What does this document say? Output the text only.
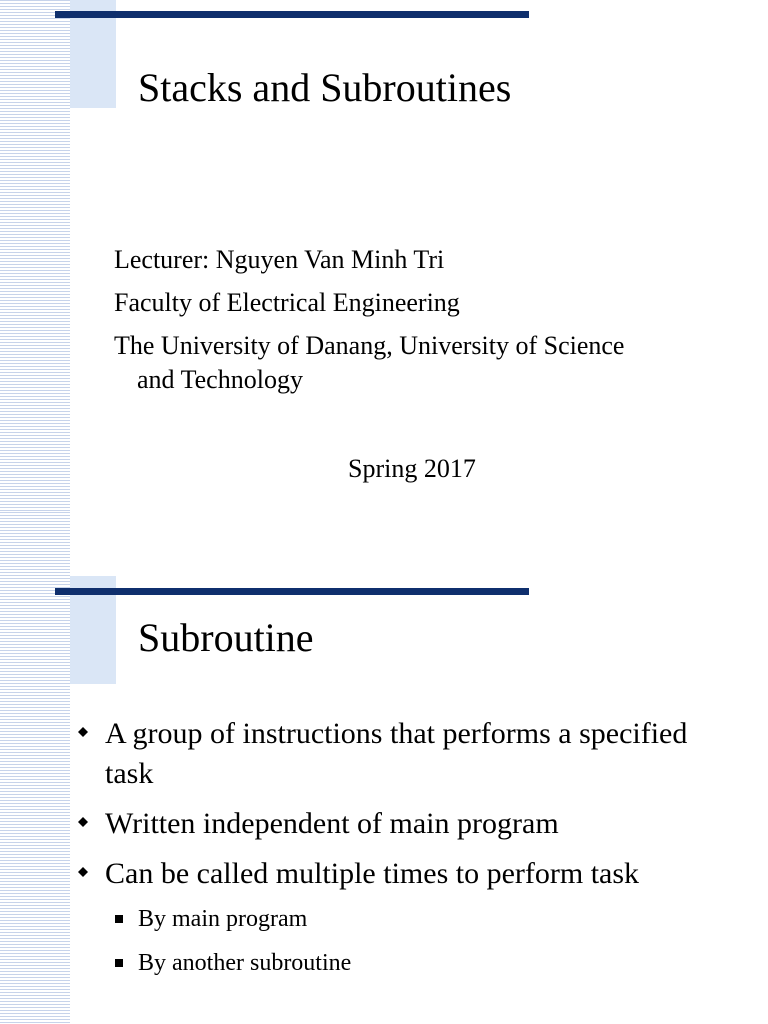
Stacks and Subroutines

Lecturer: Nguyen Van Minh Tri

Faculty of Electrical Engineering

The University of Danang, University of Science
and Technology

Spring 2017
Subroutine
A group of instructions that performs a specified task
Written independent of main program
Can be called multiple times to perform task
By main program
By another subroutine
